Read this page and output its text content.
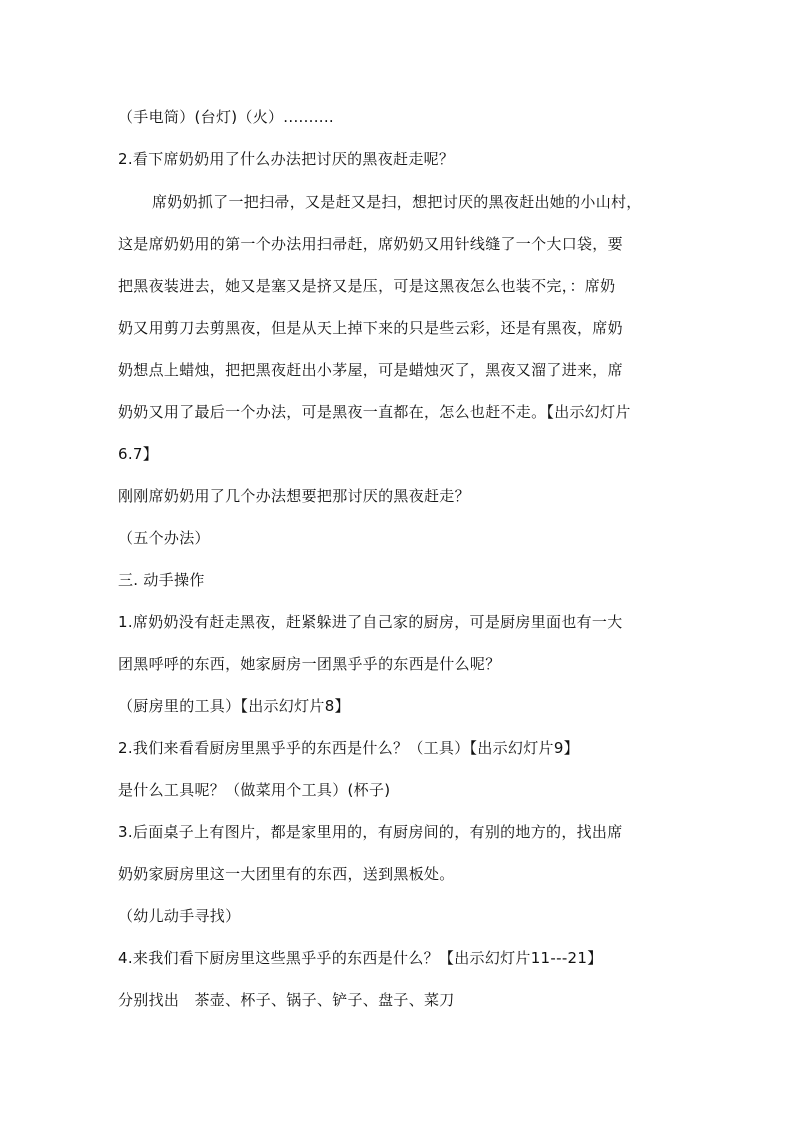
（手电筒）(台灯)（火）..........
2.看下席奶奶用了什么办法把讨厌的黑夜赶走呢？
席奶奶抓了一把扫帚，又是赶又是扫，想把讨厌的黑夜赶出她的小山村，
这是席奶奶用的第一个办法用扫帚赶，席奶奶又用针线缝了一个大口袋，要
把黑夜装进去，她又是塞又是挤又是压，可是这黑夜怎么也装不完，：席奶
奶又用剪刀去剪黑夜，但是从天上掉下来的只是些云彩，还是有黑夜，席奶
奶想点上蜡烛，把把黑夜赶出小茅屋，可是蜡烛灭了，黑夜又溜了进来，席
奶奶又用了最后一个办法，可是黑夜一直都在，怎么也赶不走。【出示幻灯片
6.7】
刚刚席奶奶用了几个办法想要把那讨厌的黑夜赶走？
（五个办法）
三. 动手操作
1.席奶奶没有赶走黑夜，赶紧躲进了自己家的厨房，可是厨房里面也有一大
团黑呼呼的东西，她家厨房一团黑乎乎的东西是什么呢？
（厨房里的工具）【出示幻灯片8】
2.我们来看看厨房里黑乎乎的东西是什么？（工具）【出示幻灯片9】
是什么工具呢？（做菜用个工具）(杯子)
3.后面桌子上有图片，都是家里用的，有厨房间的，有别的地方的，找出席
奶奶家厨房里这一大团里有的东西，送到黑板处。
（幼儿动手寻找）
4.来我们看下厨房里这些黑乎乎的东西是什么？【出示幻灯片11---21】
分别找出　茶壶、杯子、锅子、铲子、盘子、菜刀
